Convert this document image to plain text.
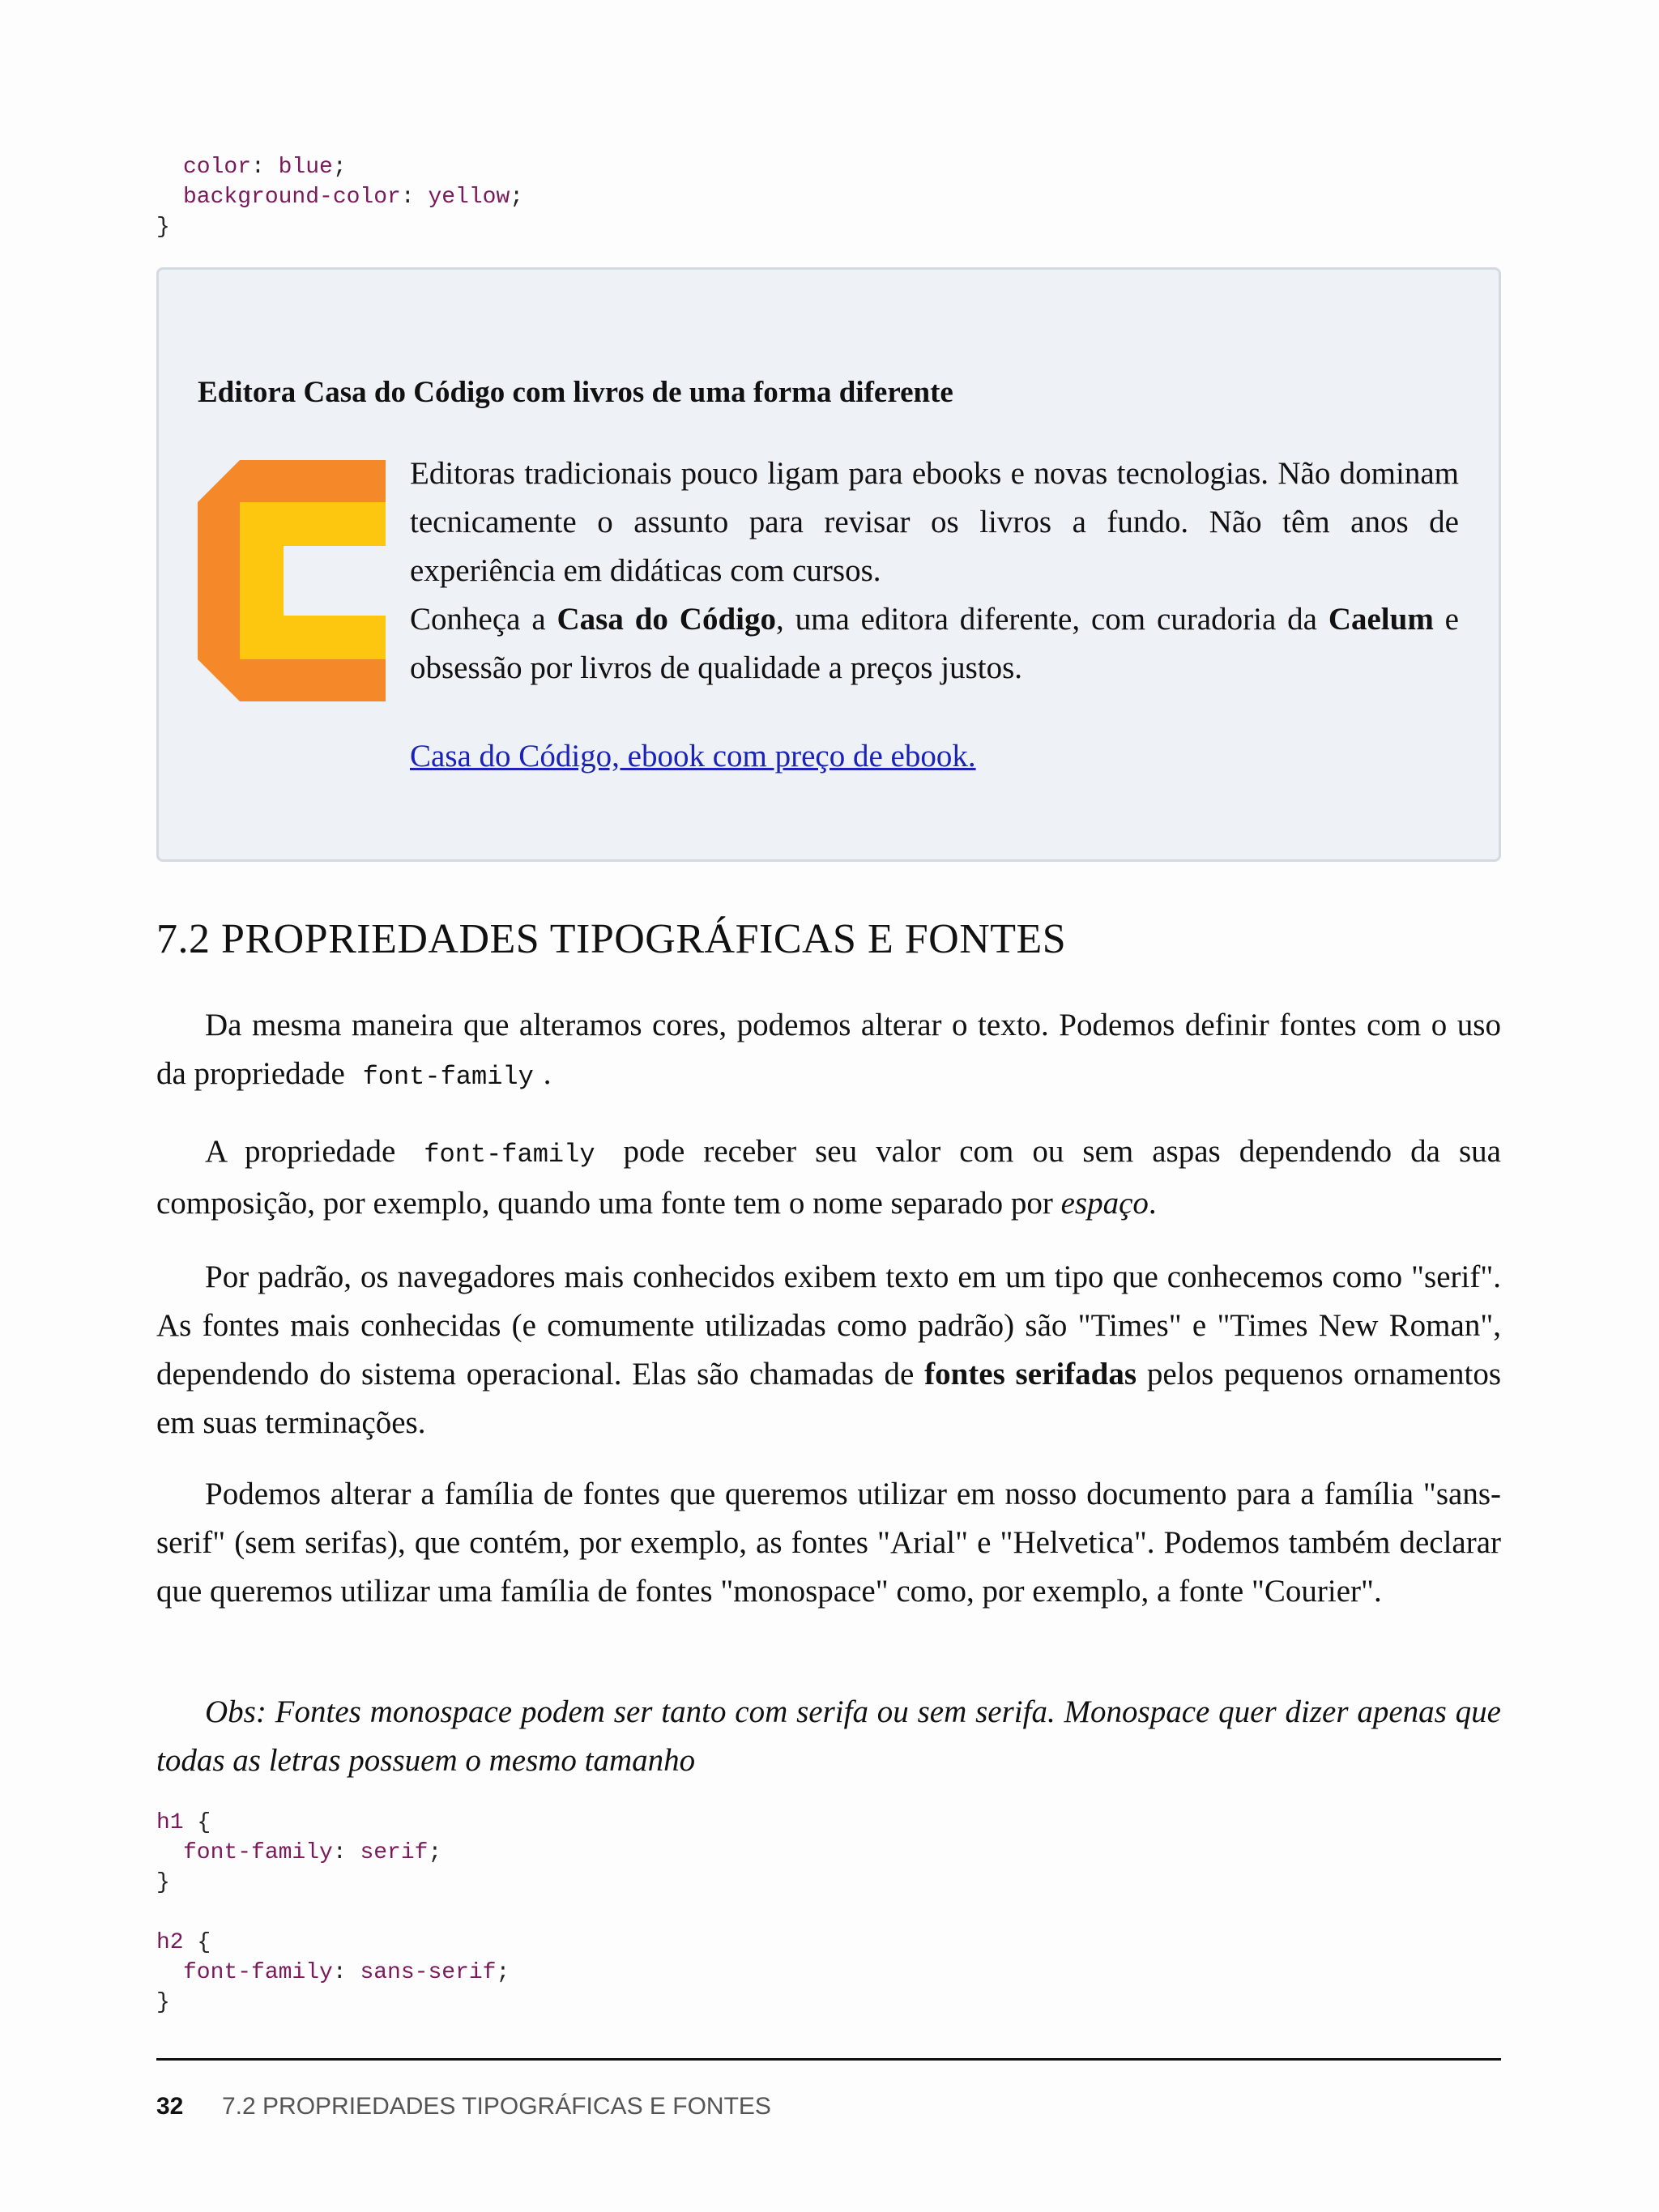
color: blue;
background-color: yellow;
}

Editora Casa do Código com livros de uma forma diferente

Editoras tradicionais pouco ligam para ebooks e novas tecnologias. Não dominam tecnicamente o assunto para revisar os livros a fundo. Não têm anos de experiência em didáticas com cursos.
Conheça a Casa do Código, uma editora diferente, com curadoria da Caelum e obsessão por livros de qualidade a preços justos.
Casa do Código, ebook com preço de ebook.
7.2 PROPRIEDADES TIPOGRÁFICAS E FONTES

Da mesma maneira que alteramos cores, podemos alterar o texto. Podemos definir fontes com o uso da propriedade font-family .

A propriedade font-family pode receber seu valor com ou sem aspas dependendo da sua composição, por exemplo, quando uma fonte tem o nome separado por espaço.

Por padrão, os navegadores mais conhecidos exibem texto em um tipo que conhecemos como "serif". As fontes mais conhecidas (e comumente utilizadas como padrão) são "Times" e "Times New Roman", dependendo do sistema operacional. Elas são chamadas de fontes serifadas pelos pequenos ornamentos em suas terminações.

Podemos alterar a família de fontes que queremos utilizar em nosso documento para a família "sans-serif" (sem serifas), que contém, por exemplo, as fontes "Arial" e "Helvetica". Podemos também declarar que queremos utilizar uma família de fontes "monospace" como, por exemplo, a fonte "Courier".

Obs: Fontes monospace podem ser tanto com serifa ou sem serifa. Monospace quer dizer apenas que todas as letras possuem o mesmo tamanho

h1 {
font-family: serif;
}
h2 {
font-family: sans-serif;
}
32 7.2 PROPRIEDADES TIPOGRÁFICAS E FONTES
